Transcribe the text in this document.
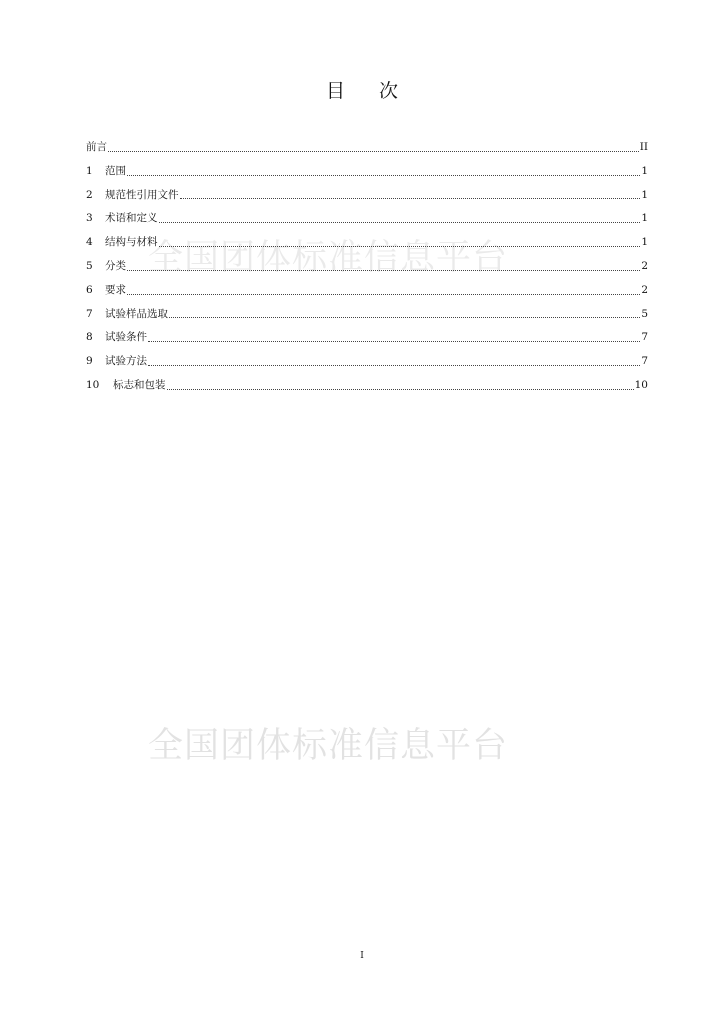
全国团体标准信息平台
全国团体标准信息平台
目 次
前言	II
1	范围	1
2	规范性引用文件	1
3	术语和定义	1
4	结构与材料	1
5	分类	2
6	要求	2
7	试验样品选取	5
8	试验条件	7
9	试验方法	7
10	标志和包装	10
I
